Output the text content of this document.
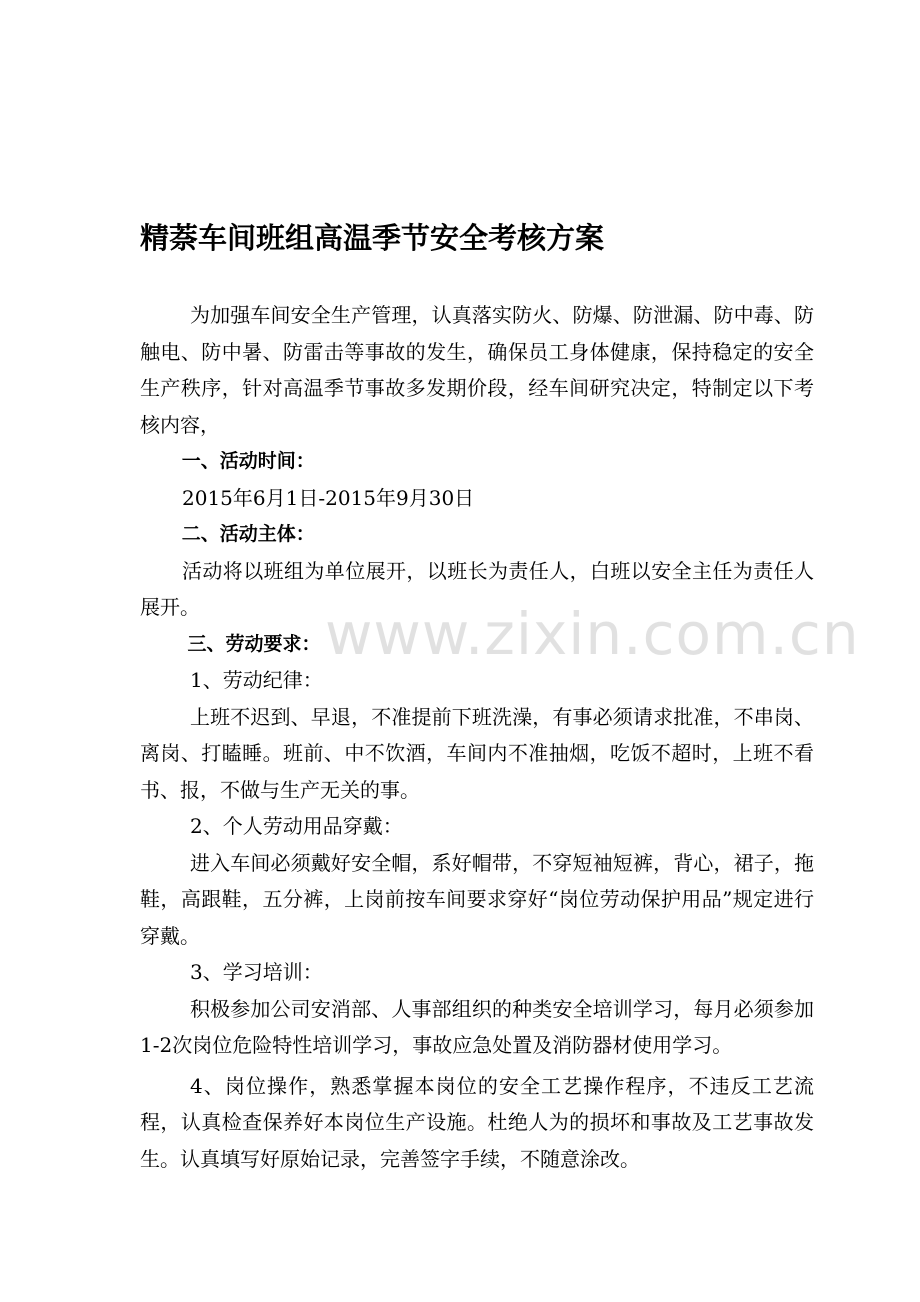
精萘车间班组高温季节安全考核方案

为加强车间安全生产管理，认真落实防火、防爆、防泄漏、防中毒、防触电、防中暑、防雷击等事故的发生，确保员工身体健康，保持稳定的安全生产秩序，针对高温季节事故多发期价段，经车间研究决定，特制定以下考核内容，

一、活动时间：

2015年6月1日-2015年9月30日

二、活动主体：

活动将以班组为单位展开，以班长为责任人，白班以安全主任为责任人展开。

三、劳动要求：

1、劳动纪律：

上班不迟到、早退，不准提前下班洗澡，有事必须请求批准，不串岗、离岗、打瞌睡。班前、中不饮酒，车间内不准抽烟，吃饭不超时，上班不看书、报，不做与生产无关的事。

2、个人劳动用品穿戴：

进入车间必须戴好安全帽，系好帽带，不穿短袖短裤，背心，裙子，拖鞋，高跟鞋，五分裤，上岗前按车间要求穿好“岗位劳动保护用品”规定进行穿戴。

3、学习培训：

积极参加公司安消部、人事部组织的种类安全培训学习，每月必须参加1-2次岗位危险特性培训学习，事故应急处置及消防器材使用学习。

4、岗位操作，熟悉掌握本岗位的安全工艺操作程序，不违反工艺流程，认真检查保养好本岗位生产设施。杜绝人为的损坏和事故及工艺事故发生。认真填写好原始记录，完善签字手续，不随意涂改。

www.zixin.com.cn
